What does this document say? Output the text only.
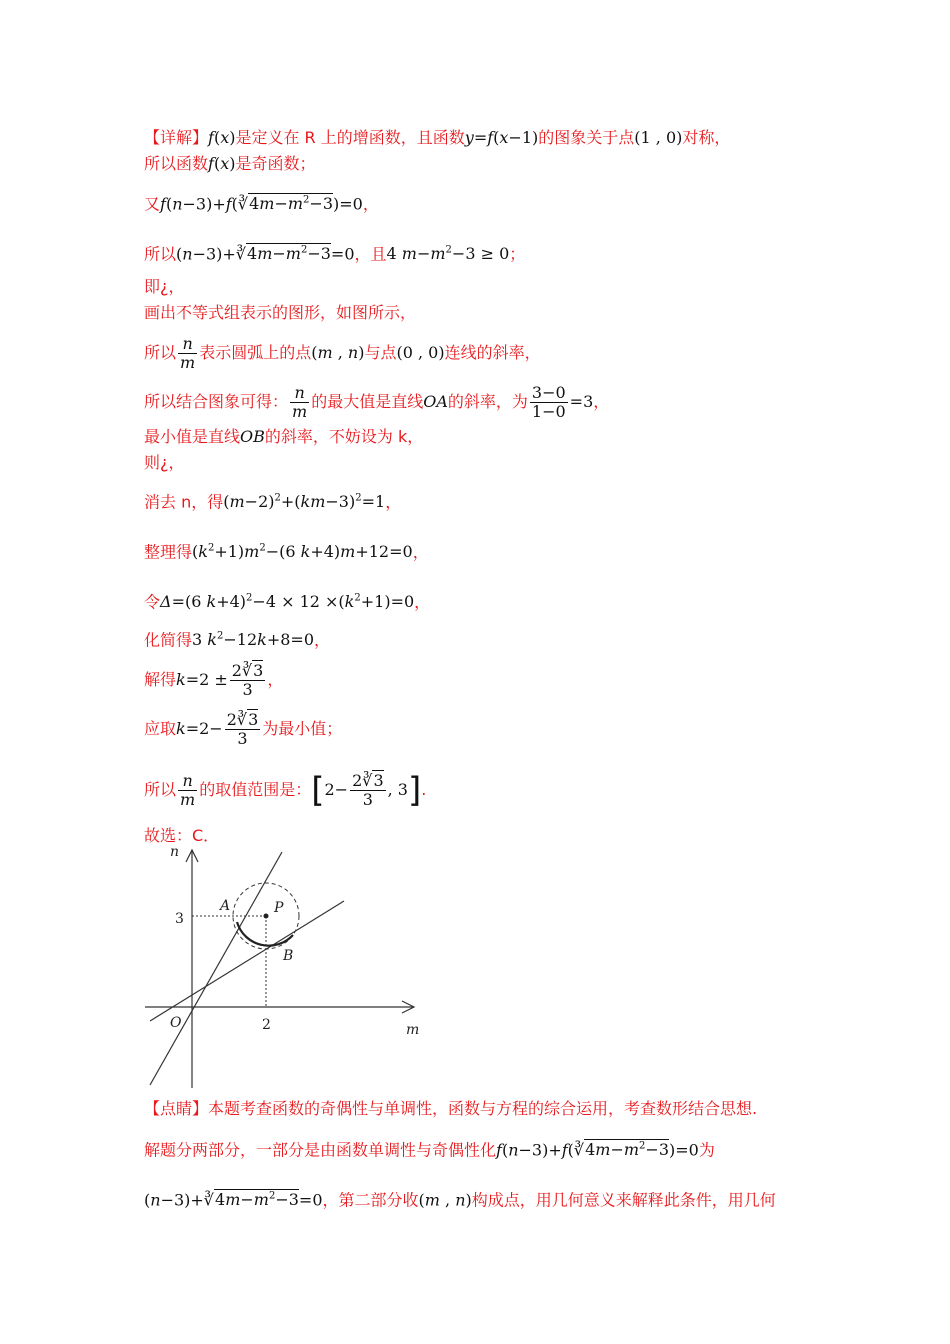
【详解】f(x)是定义在 R 上的增函数，且函数y=f(x−1)的图象关于点(1 , 0)对称，
所以函数f(x)是奇函数；
又$f(n-3)+f(∛4m-m^2-3)=0$，
所以$(n-3)+∛4m-m^2-3=0$，且4 $m-m^2-3 \ge 0$；
即¿，
画出不等式组表示的图形，如图所示，
所以 $\frac{n}{m}$ 表示圆弧上的点(m , n)与点(0 , 0)连线的斜率，
所以结合图象可得： $\frac{n}{m}$ 的最大值是直线OA的斜率，为 $\frac{3-0}{1-0} =3$，
最小值是直线OB的斜率，不妨设为 k，
则¿，
消去 n，得$(m-2)^2+(km-3)^2=1$，
整理得$(k^2+1)m^2-(6$ k+4)m+12=0，
令Δ=(6 $k+4)^2-4 \times 12 \times(k^2+1)=0$，
化简得3 $k^2-12k+8=0$，
解得$k=2 \pm \frac{2∛3}{3}$ ，
应取$k=2- \frac{2∛3}{3}$ 为最小值；
所以 $\frac{n}{m}$ 的取值范围是：[$2- \frac{2∛3}{3}$ , 3].
故选：C．
n
m
O
A	P
B
3
2
【点睛】本题考查函数的奇偶性与单调性，函数与方程的综合运用，考查数形结合思想.
解题分两部分，一部分是由函数单调性与奇偶性化$f(n-3)+f(∛4m-m^2-3)=0$为
$(n-3)+∛4m-m^2-3=0$，第二部分收(m , n)构成点，用几何意义来解释此条件，用几何
